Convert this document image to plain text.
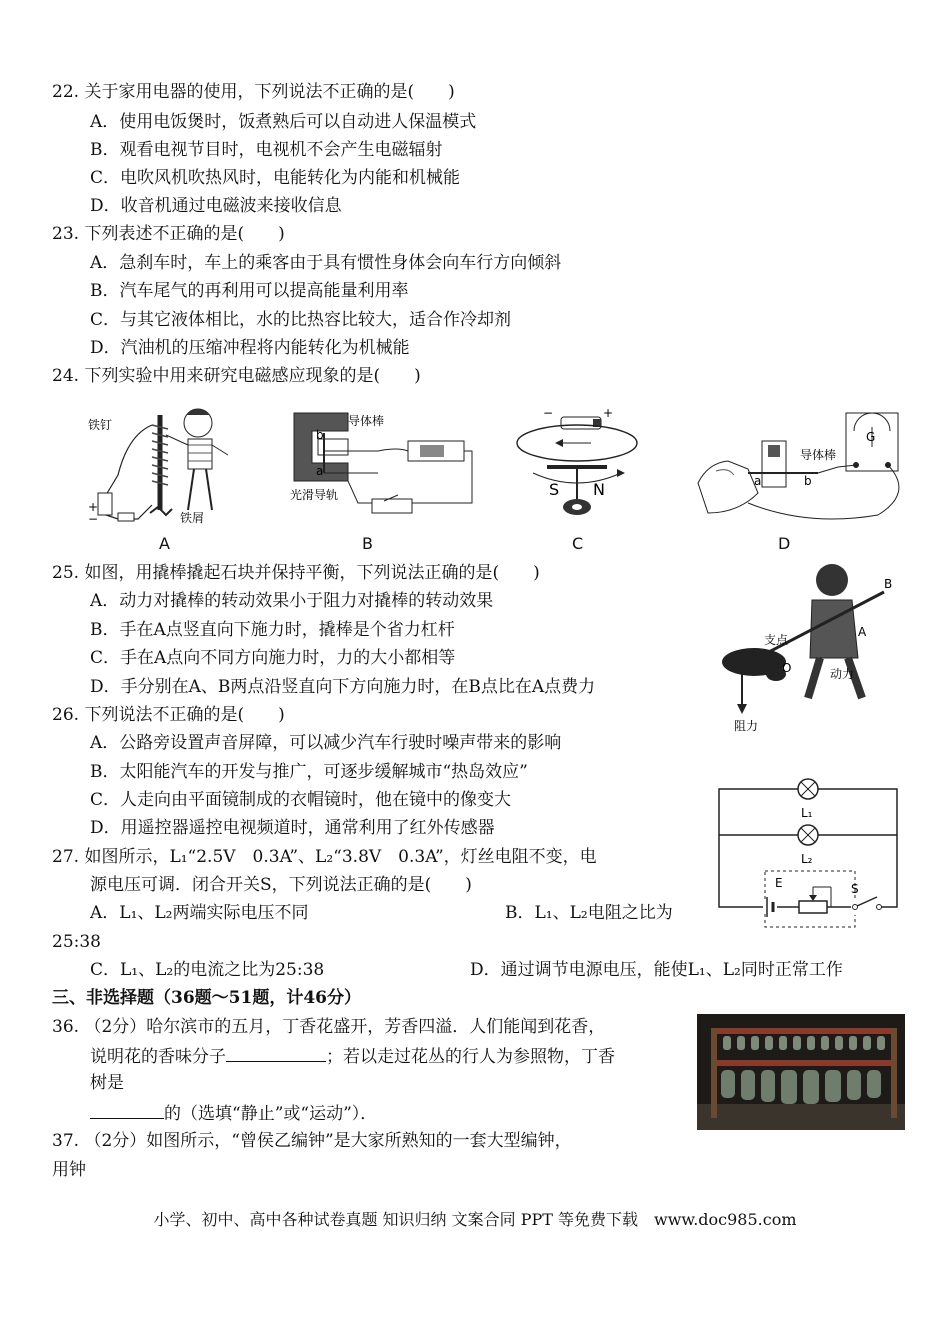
22. 关于家用电器的使用，下列说法不正确的是(　　)
A．使用电饭煲时，饭煮熟后可以自动进人保温模式
B．观看电视节目时，电视机不会产生电磁辐射
C．电吹风机吹热风时，电能转化为内能和机械能
D．收音机通过电磁波来接收信息
23. 下列表述不正确的是(　　)
A．急刹车时，车上的乘客由于具有惯性身体会向车行方向倾斜
B．汽车尾气的再利用可以提高能量利用率
C．与其它液体相比，水的比热容比较大，适合作冷却剂
D．汽油机的压缩冲程将内能转化为机械能
24. 下列实验中用来研究电磁感应现象的是(　　)
+
−
铁钉
铁屑
A
b
a
导体棒
光滑导轨
B
−	+
S N
C
a	b
G
导体棒
D
25. 如图，用撬棒撬起石块并保持平衡，下列说法正确的是(　　)
A．动力对撬棒的转动效果小于阻力对撬棒的转动效果
B．手在A点竖直向下施力时，撬棒是个省力杠杆
C．手在A点向不同方向施力时，力的大小都相等
D．手分别在A、B两点沿竖直向下方向施力时，在B点比在A点费力
B
A
O
支点
动力
阻力
26. 下列说法不正确的是(　　)
A．公路旁设置声音屏障，可以减少汽车行驶时噪声带来的影响
B．太阳能汽车的开发与推广，可逐步缓解城市“热岛效应”
C．人走向由平面镜制成的衣帽镜时，他在镜中的像变大
D．用遥控器遥控电视频道时，通常利用了红外传感器
L₁
L₂
E	S
27. 如图所示，L₁“2.5V　0.3A”、L₂“3.8V　0.3A”，灯丝电阻不变，电
源电压可调．闭合开关S，下列说法正确的是(　　)
A．L₁、L₂两端实际电压不同	B．L₁、L₂电阻之比为
25:38
C．L₁、L₂的电流之比为25:38	D．通过调节电源电压，能使L₁、L₂同时正常工作
三、非选择题（36题～51题，计46分）
36. （2分）哈尔滨市的五月，丁香花盛开，芳香四溢．人们能闻到花香，
说明花的香味分子	；若以走过花丛的行人为参照物，丁香
树是
的（选填“静止”或“运动”）．
37. （2分）如图所示，“曾侯乙编钟”是大家所熟知的一套大型编钟，
用钟
小学、初中、高中各种试卷真题 知识归纳 文案合同 PPT 等免费下载　www.doc985.com
